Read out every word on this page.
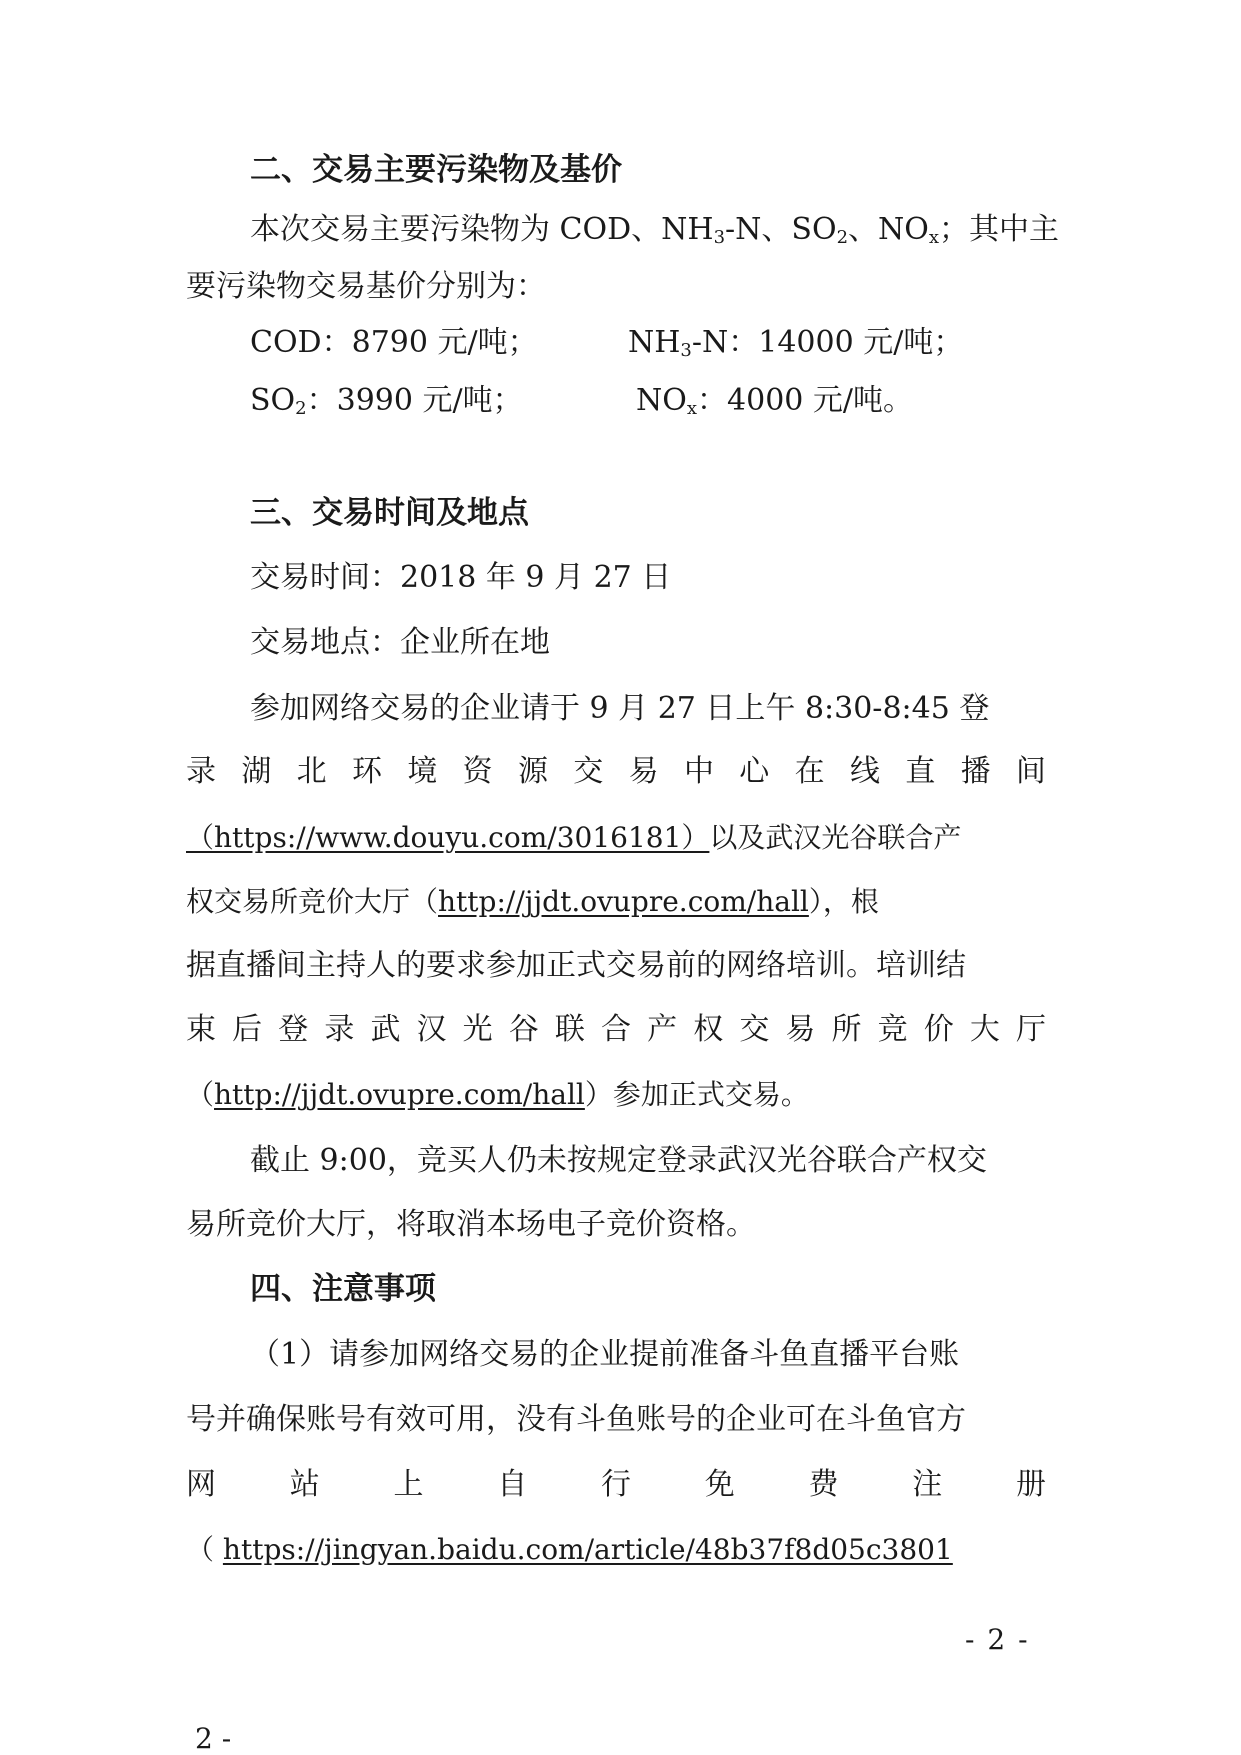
二、交易主要污染物及基价
本次交易主要污染物为 COD、$NH_3-N$、$SO_2$、$NO_x$；其中主
要污染物交易基价分别为：
COD：8790 元/吨；	$NH_3-N$：14000 元/吨；
$SO_2$：3990 元/吨；	$NO_x$：4000 元/吨。
三、交易时间及地点
交易时间：2018 年 9 月 27 日
交易地点：企业所在地
参加网络交易的企业请于 9 月 27 日上午 8:30-8:45 登
录 湖 北 环 境 资 源 交 易 中 心 在 线 直 播 间
（https://www.douyu.com/3016181）以及武汉光谷联合产
权交易所竞价大厅（http://jjdt.ovupre.com/hall），根
据直播间主持人的要求参加正式交易前的网络培训。培训结
束 后 登 录 武 汉 光 谷 联 合 产 权 交 易 所 竞 价 大 厅
（http://jjdt.ovupre.com/hall）参加正式交易。
截止 9:00，竞买人仍未按规定登录武汉光谷联合产权交
易所竞价大厅，将取消本场电子竞价资格。
四、注意事项
（1）请参加网络交易的企业提前准备斗鱼直播平台账
号并确保账号有效可用，没有斗鱼账号的企业可在斗鱼官方
网 站 上 自 行 免 费 注 册
（ https://jingyan.baidu.com/article/48b37f8d05c3801
- 2 -
2 -
